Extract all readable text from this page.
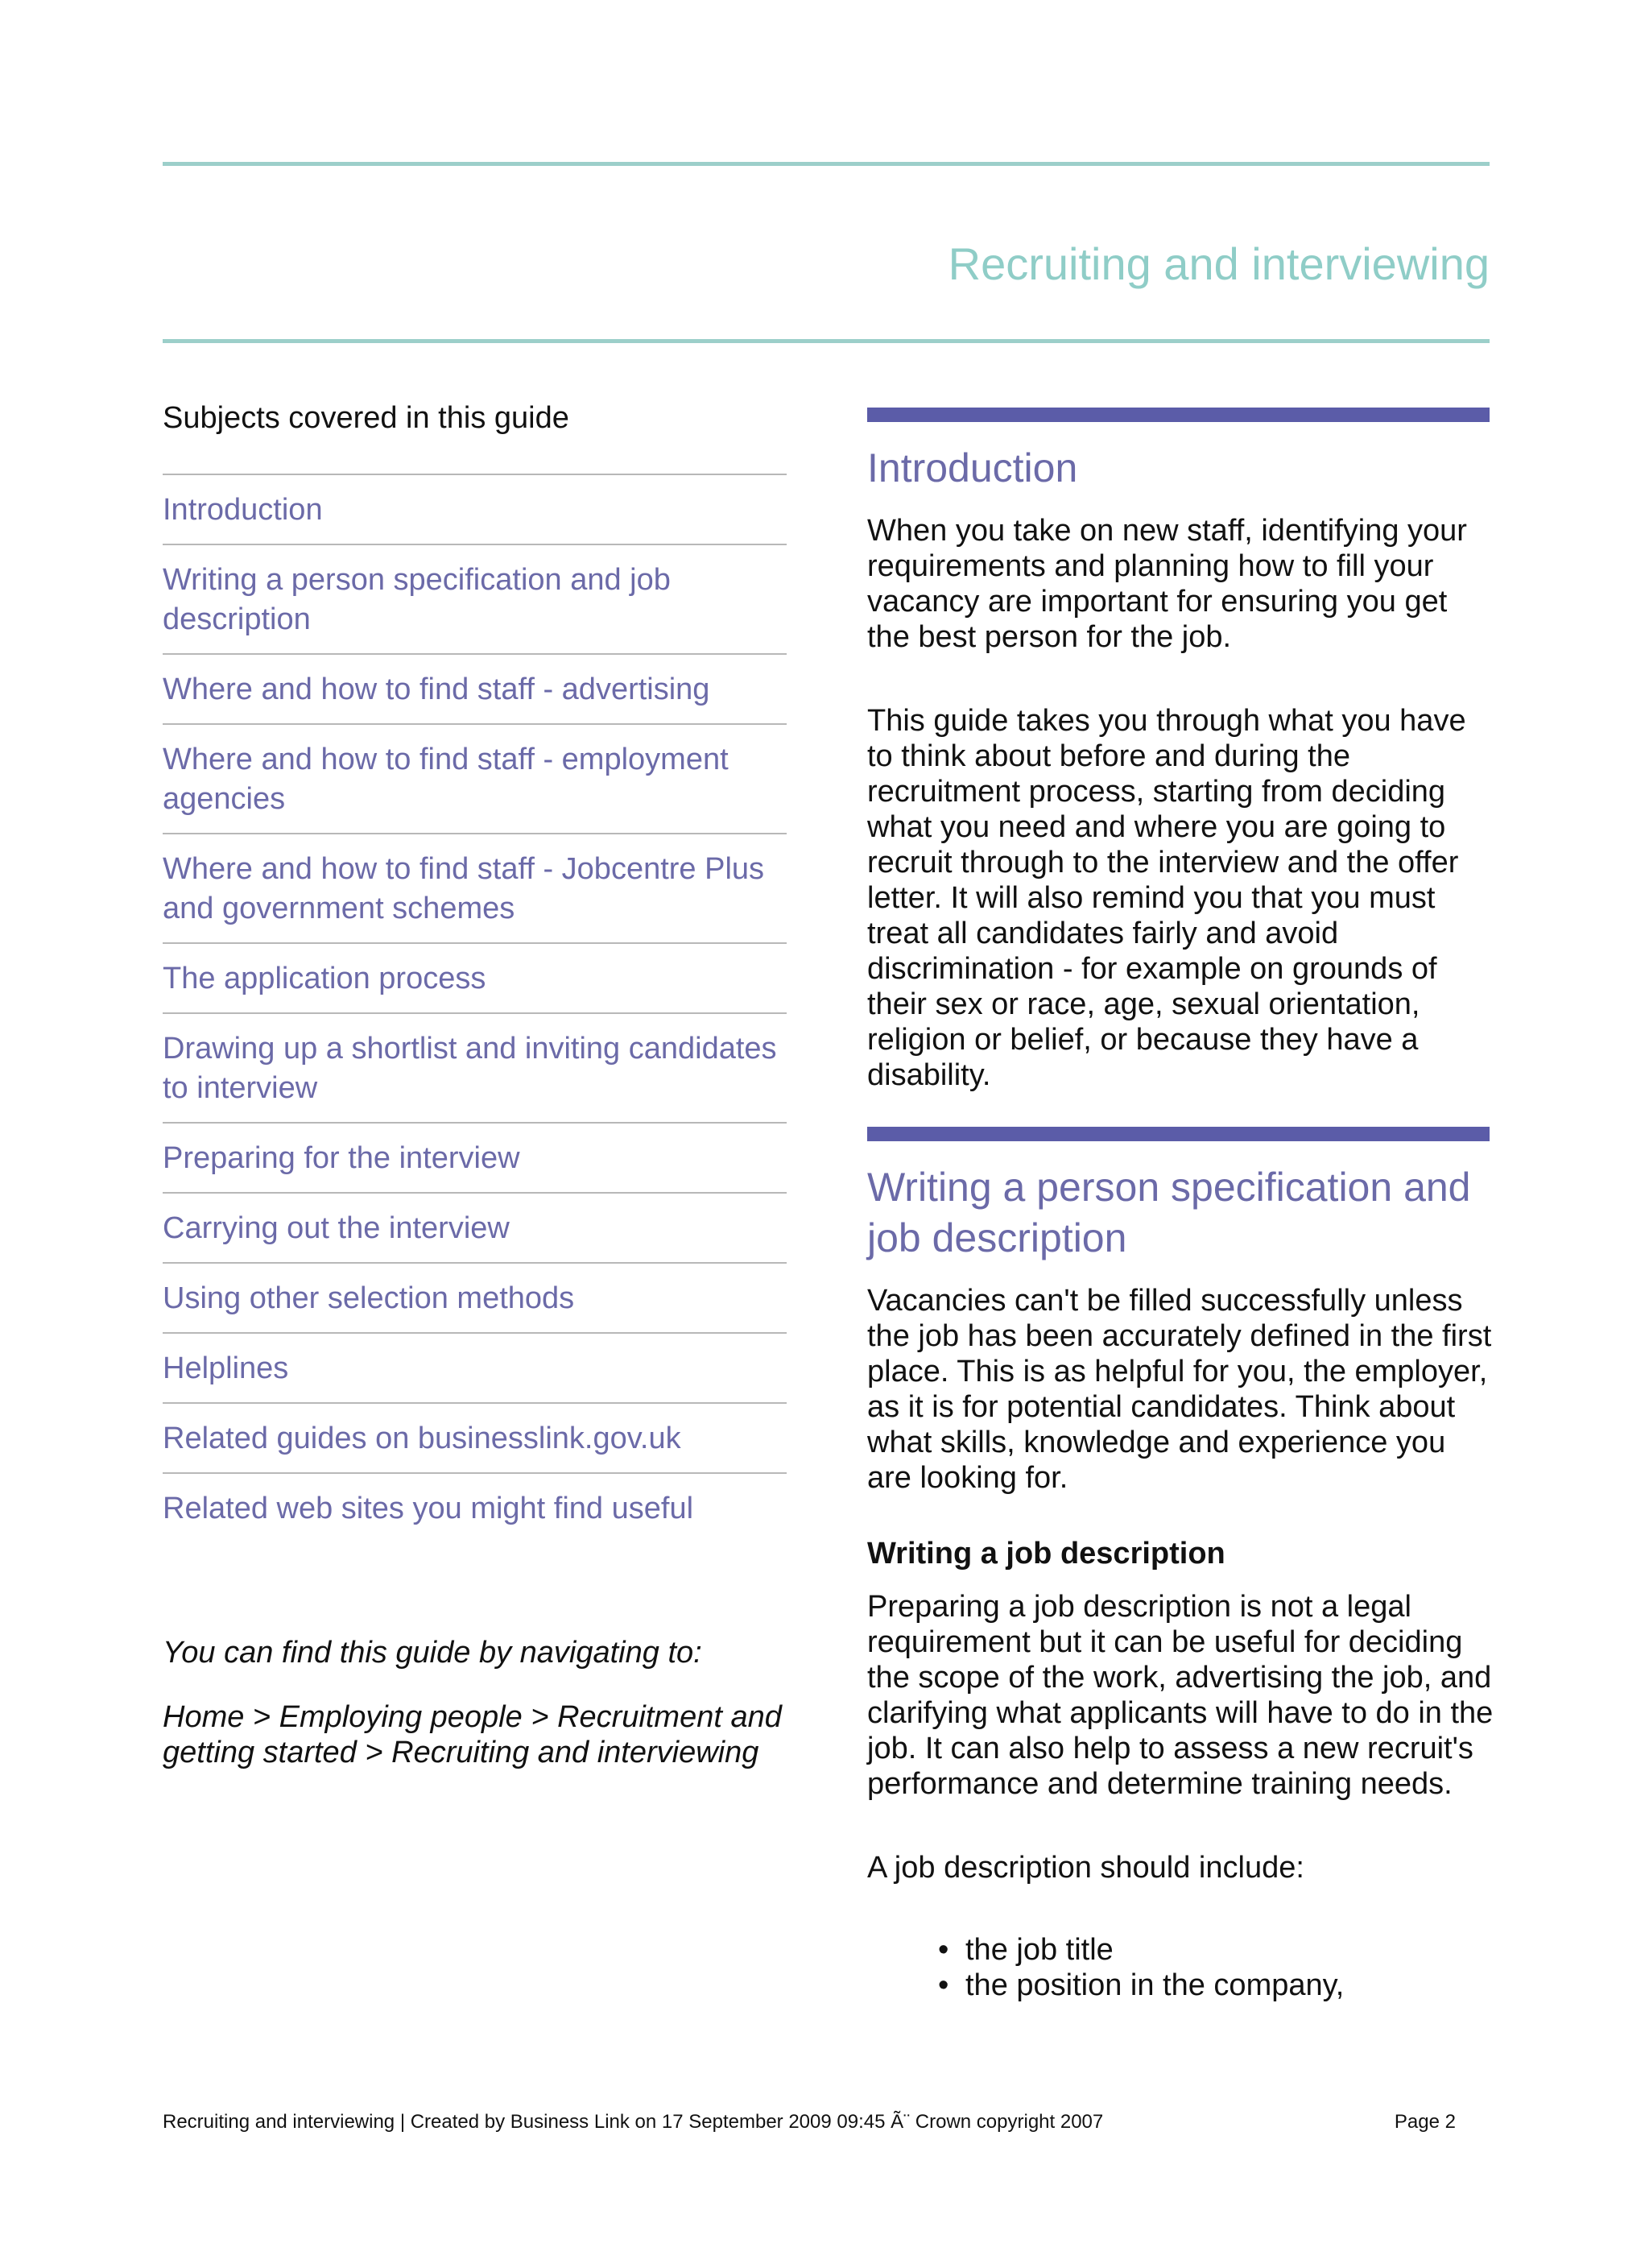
Recruiting and interviewing
Subjects covered in this guide
Introduction
Writing a person specification and job description
Where and how to find staff - advertising
Where and how to find staff - employment agencies
Where and how to find staff - Jobcentre Plus and government schemes
The application process
Drawing up a shortlist and inviting candidates to interview
Preparing for the interview
Carrying out the interview
Using other selection methods
Helplines
Related guides on businesslink.gov.uk
Related web sites you might find useful

You can find this guide by navigating to:

Home > Employing people > Recruitment and getting started > Recruiting and interviewing

Introduction

When you take on new staff, identifying your requirements and planning how to fill your vacancy are important for ensuring you get the best person for the job.

This guide takes you through what you have to think about before and during the recruitment process, starting from deciding what you need and where you are going to recruit through to the interview and the offer letter. It will also remind you that you must treat all candidates fairly and avoid discrimination - for example on grounds of their sex or race, age, sexual orientation, religion or belief, or because they have a disability.

Writing a person specification and job description

Vacancies can't be filled successfully unless the job has been accurately defined in the first place. This is as helpful for you, the employer, as it is for potential candidates. Think about what skills, knowledge and experience you are looking for.

Writing a job description

Preparing a job description is not a legal requirement but it can be useful for deciding the scope of the work, advertising the job, and clarifying what applicants will have to do in the job. It can also help to assess a new recruit's performance and determine training needs.

A job description should include:

• the job title
• the position in the company,
Recruiting and interviewing | Created by Business Link on 17 September 2009 09:45 Ã¨ Crown copyright 2007	Page 2
